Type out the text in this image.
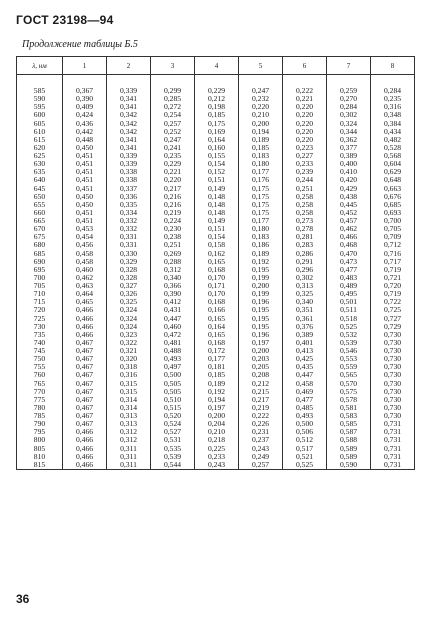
ГОСТ 23198—94
Продолжение таблицы Б.5
λ, нм	1	2	3	4	5	6	7	8

585	0,367	0,339	0,299	0,229	0,247	0,222	0,259	0,284
590	0,390	0,341	0,285	0,212	0,232	0,221	0,270	0,235
595	0,409	0,341	0,272	0,198	0,220	0,220	0,284	0,316
600	0,424	0,342	0,254	0,185	0,210	0,220	0,302	0,348
605	0,436	0,342	0,257	0,175	0,200	0,220	0,324	0,384
610	0,442	0,342	0,252	0,169	0,194	0,220	0,344	0,434
615	0,448	0,341	0,247	0,164	0,189	0,220	0,362	0,482
620	0,450	0,341	0,241	0,160	0,185	0,223	0,377	0,528
625	0,451	0,339	0,235	0,155	0,183	0,227	0,389	0,568
630	0,451	0,339	0,229	0,154	0,180	0,233	0,400	0,604
635	0,451	0,338	0,221	0,152	0,177	0,239	0,410	0,629
640	0,451	0,338	0,220	0,151	0,176	0,244	0,420	0,648
645	0,451	0,337	0,217	0,149	0,175	0,251	0,429	0,663
650	0,450	0,336	0,216	0,148	0,175	0,258	0,438	0,676
655	0,450	0,335	0,216	0,148	0,175	0,258	0,445	0,685
660	0,451	0,334	0,219	0,148	0,175	0,258	0,452	0,693
665	0,451	0,332	0,224	0,149	0,177	0,273	0,457	0,700
670	0,453	0,332	0,230	0,151	0,180	0,278	0,462	0,705
675	0,454	0,331	0,238	0,154	0,183	0,281	0,466	0,709
680	0,456	0,331	0,251	0,158	0,186	0,283	0,468	0,712
685	0,458	0,330	0,269	0,162	0,189	0,286	0,470	0,716
690	0,458	0,329	0,288	0,165	0,192	0,291	0,473	0,717
695	0,460	0,328	0,312	0,168	0,195	0,296	0,477	0,719
700	0,462	0,328	0,340	0,170	0,199	0,302	0,483	0,721
705	0,463	0,327	0,366	0,171	0,200	0,313	0,489	0,720
710	0,464	0,326	0,390	0,170	0,199	0,325	0,495	0,719
715	0,465	0,325	0,412	0,168	0,196	0,340	0,501	0,722
720	0,466	0,324	0,431	0,166	0,195	0,351	0,511	0,725
725	0,466	0,324	0,447	0,165	0,195	0,361	0,518	0,727
730	0,466	0,324	0,460	0,164	0,195	0,376	0,525	0,729
735	0,466	0,323	0,472	0,165	0,196	0,389	0,532	0,730
740	0,467	0,322	0,481	0,168	0,197	0,401	0,539	0,730
745	0,467	0,321	0,488	0,172	0,200	0,413	0,546	0,730
750	0,467	0,320	0,493	0,177	0,203	0,425	0,553	0,730
755	0,467	0,318	0,497	0,181	0,205	0,435	0,559	0,730
760	0,467	0,316	0,500	0,185	0,208	0,447	0,565	0,730
765	0,467	0,315	0,505	0,189	0,212	0,458	0,570	0,730
770	0,467	0,315	0,505	0,192	0,215	0,469	0,575	0,730
775	0,467	0,314	0,510	0,194	0,217	0,477	0,578	0,730
780	0,467	0,314	0,515	0,197	0,219	0,485	0,581	0,730
785	0,467	0,313	0,520	0,200	0,222	0,493	0,583	0,730
790	0,467	0,313	0,524	0,204	0,226	0,500	0,585	0,731
795	0,466	0,312	0,527	0,210	0,231	0,506	0,587	0,731
800	0,466	0,312	0,531	0,218	0,237	0,512	0,588	0,731
805	0,466	0,311	0,535	0,225	0,243	0,517	0,589	0,731
810	0,466	0,311	0,539	0,233	0,249	0,521	0,589	0,731
815	0,466	0,311	0,544	0,243	0,257	0,525	0,590	0,731
36
